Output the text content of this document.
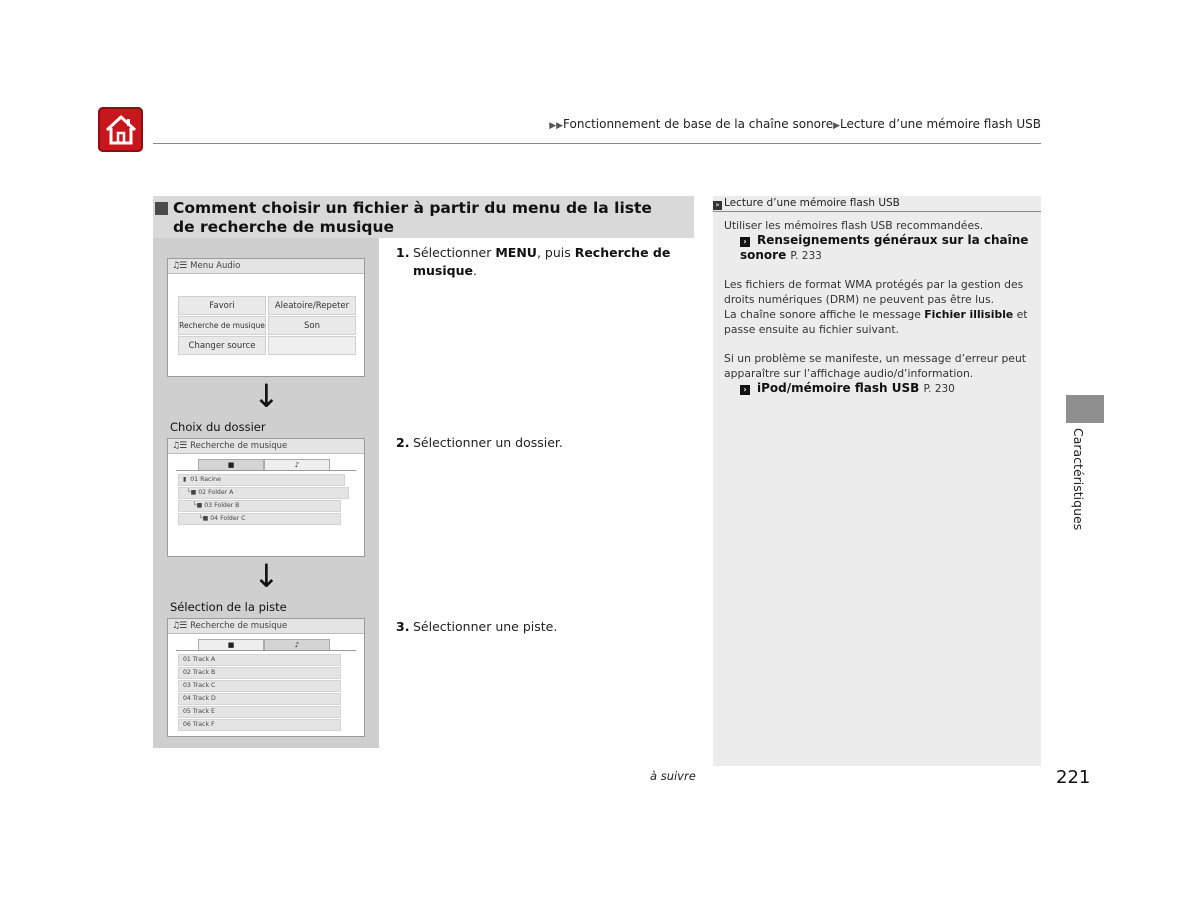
▶▶Fonctionnement de base de la chaîne sonore▶Lecture d’une mémoire flash USB
Comment choisir un fichier à partir du menu de la liste de recherche de musique
♫☰ Menu Audio
Favori	Aleatoire/Repeter
Recherche de musique	Son
Changer source
↓
Choix du dossier
♫☰ Recherche de musique
■	♪
▮ 01 Racine
└■ 02 Folder A
└■ 03 Folder B
└■ 04 Folder C
↓
Sélection de la piste
♫☰ Recherche de musique
■	♪
01 Track A
02 Track B
03 Track C
04 Track D
05 Track E
06 Track F
1. Sélectionner MENU, puis Recherche de musique.
2. Sélectionner un dossier.
3. Sélectionner une piste.
» Lecture d’une mémoire flash USB
Utiliser les mémoires flash USB recommandées.
› Renseignements généraux sur la chaîne sonore P. 233
Les fichiers de format WMA protégés par la gestion des droits numériques (DRM) ne peuvent pas être lus.
La chaîne sonore affiche le message Fichier illisible et passe ensuite au fichier suivant.
Si un problème se manifeste, un message d’erreur peut apparaître sur l’affichage audio/d’information.
› iPod/mémoire flash USB P. 230
Caractéristiques
à suivre	221
